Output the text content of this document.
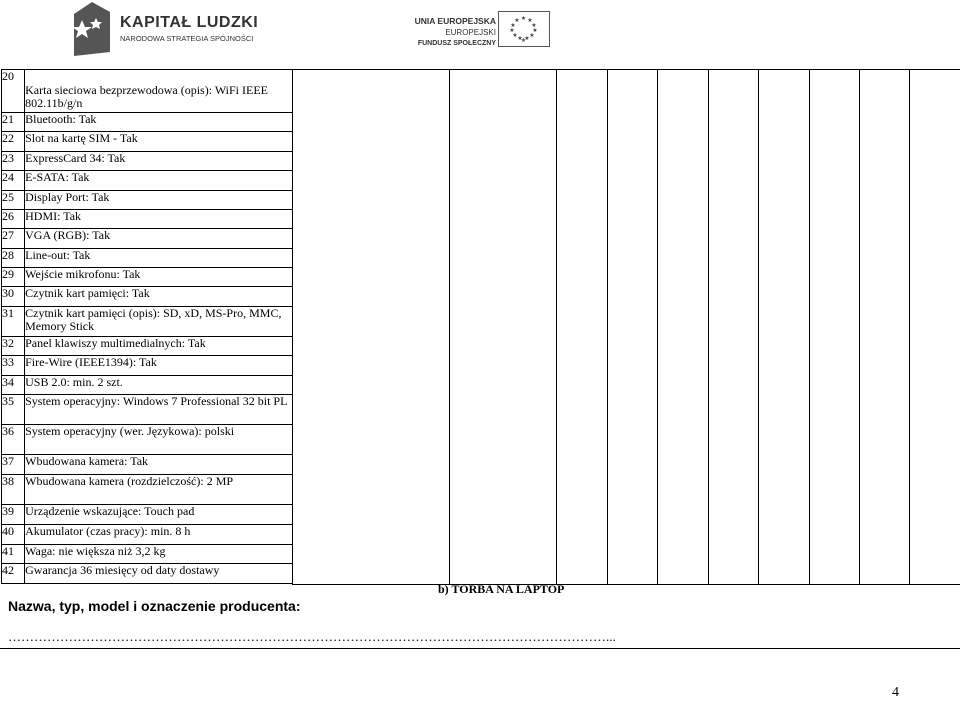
KAPITAŁ LUDZKI
NARODOWA STRATEGIA SPÓJNOŚCI
UNIA EUROPEJSKA
EUROPEJSKI
FUNDUSZ SPOŁECZNY
★ ★
★
★
★
★
★
★
★
★
★
★
20	Karta sieciowa bezprzewodowa (opis): WiFi IEEE 802.11b/g/n										
21	Bluetooth: Tak										
22	Slot na kartę SIM - Tak										
23	ExpressCard 34: Tak										
24	E-SATA: Tak										
25	Display Port: Tak										
26	HDMI: Tak										
27	VGA (RGB): Tak										
28	Line-out: Tak										
29	Wejście mikrofonu: Tak										
30	Czytnik kart pamięci: Tak										
31	Czytnik kart pamięci (opis): SD, xD, MS-Pro, MMC, Memory Stick										
32	Panel klawiszy multimedialnych: Tak										
33	Fire-Wire (IEEE1394): Tak										
34	USB 2.0: min. 2 szt.										
35	System operacyjny: Windows 7 Professional 32 bit PL										
36	System operacyjny (wer. Językowa): polski										
37	Wbudowana kamera: Tak										
38	Wbudowana kamera (rozdzielczość): 2 MP										
39	Urządzenie wskazujące: Touch pad										
40	Akumulator (czas pracy): min. 8 h										
41	Waga: nie większa niż 3,2 kg										
42	Gwarancja 36 miesięcy od daty dostawy										

b) TORBA NA LAPTOP
Nazwa, typ, model i oznaczenie producenta:
…………………………………………………………………………………………………………………………...
4
